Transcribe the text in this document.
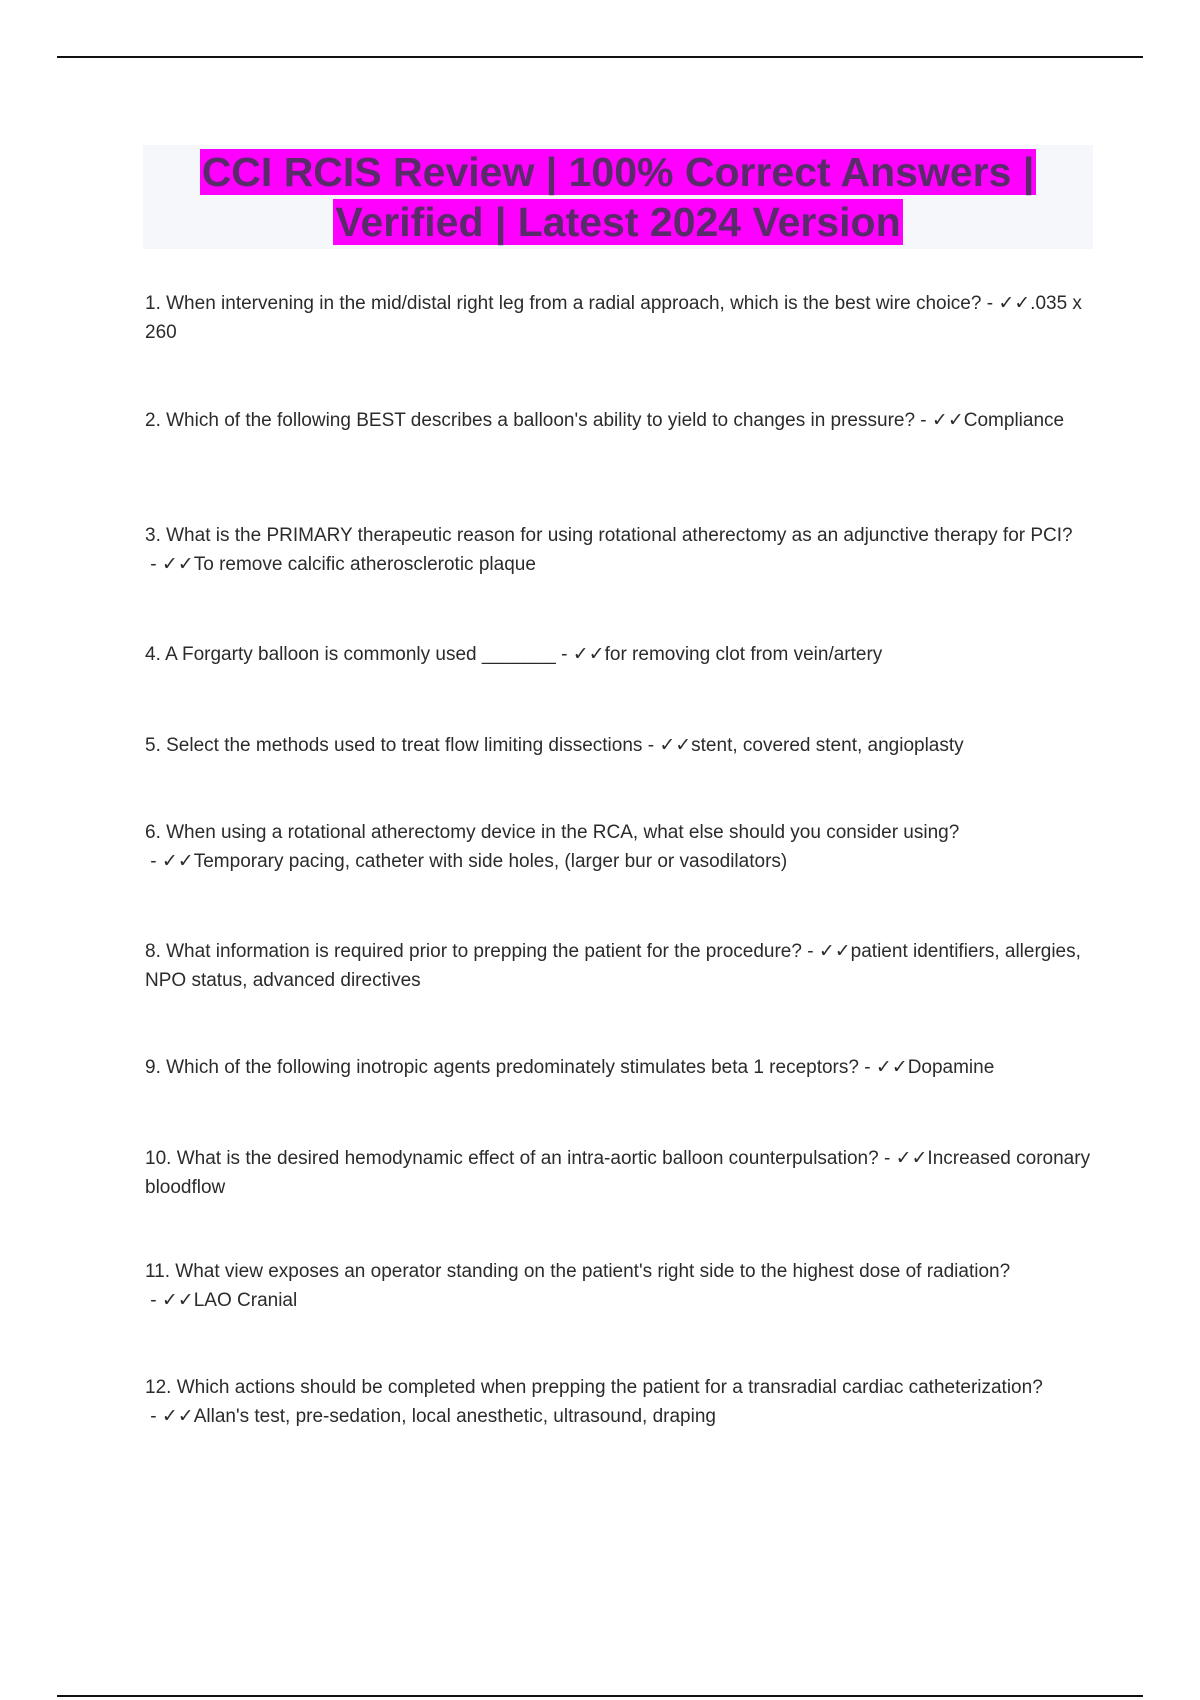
CCI RCIS Review | 100% Correct Answers |
Verified | Latest 2024 Version
1. When intervening in the mid/distal right leg from a radial approach, which is the best wire choice? - ✓✓.035 x 260
2. Which of the following BEST describes a balloon's ability to yield to changes in pressure? - ✓✓Compliance
3. What is the PRIMARY therapeutic reason for using rotational atherectomy as an adjunctive therapy for PCI? - ✓✓To remove calcific atherosclerotic plaque
4. A Forgarty balloon is commonly used _______ - ✓✓for removing clot from vein/artery
5. Select the methods used to treat flow limiting dissections - ✓✓stent, covered stent, angioplasty
6. When using a rotational atherectomy device in the RCA, what else should you consider using? - ✓✓Temporary pacing, catheter with side holes, (larger bur or vasodilators)
8. What information is required prior to prepping the patient for the procedure? - ✓✓patient identifiers, allergies, NPO status, advanced directives
9. Which of the following inotropic agents predominately stimulates beta 1 receptors? - ✓✓Dopamine
10. What is the desired hemodynamic effect of an intra-aortic balloon counterpulsation? - ✓✓Increased coronary bloodflow
11. What view exposes an operator standing on the patient's right side to the highest dose of radiation? - ✓✓LAO Cranial
12. Which actions should be completed when prepping the patient for a transradial cardiac catheterization? - ✓✓Allan's test, pre-sedation, local anesthetic, ultrasound, draping
